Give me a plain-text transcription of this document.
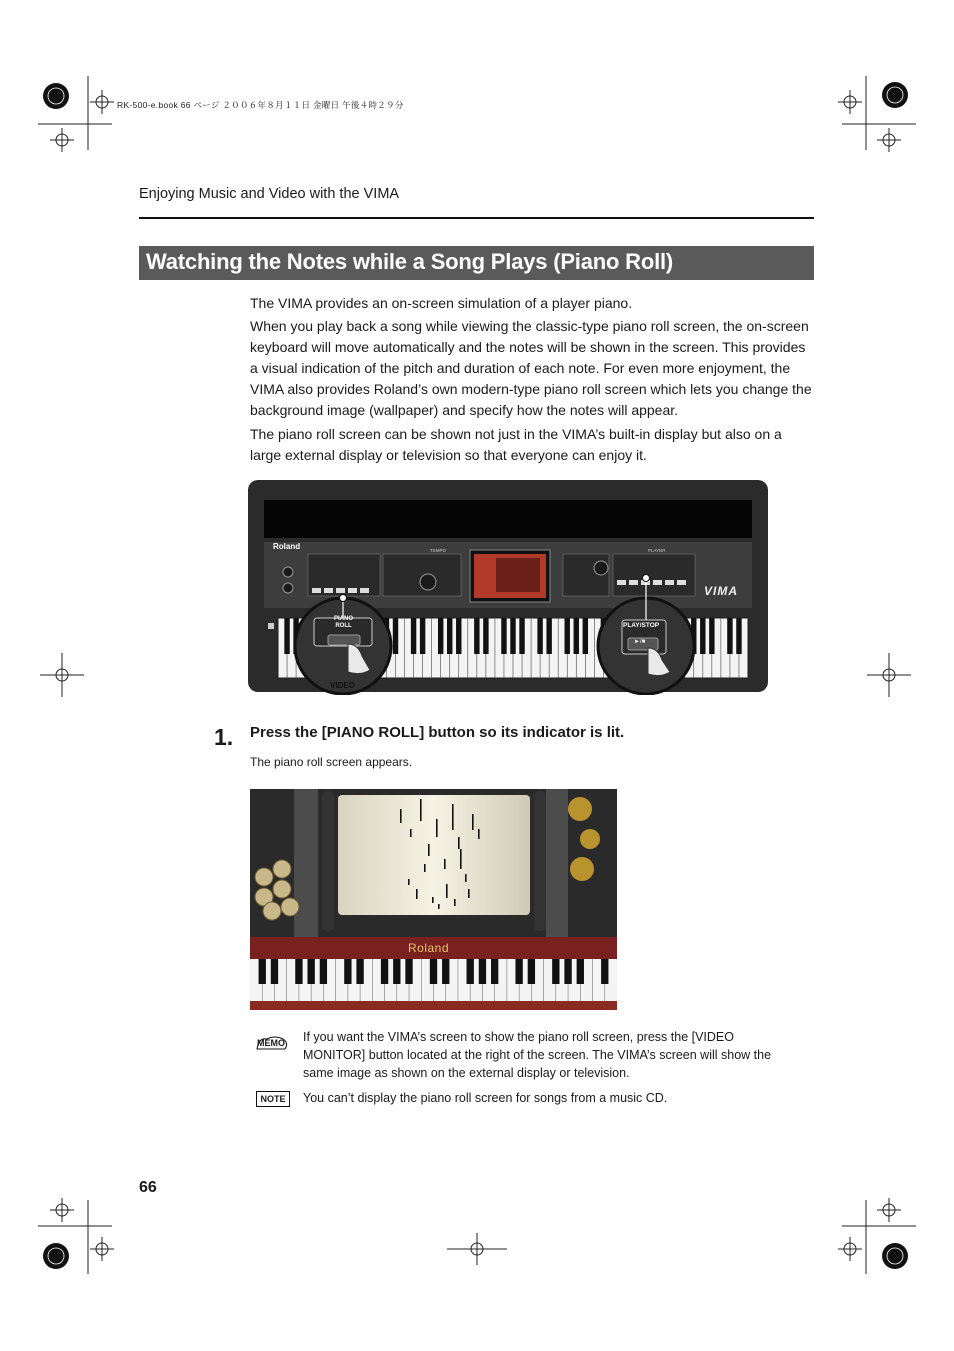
RK-500-e.book 66 ページ ２００６年８月１１日 金曜日 午後４時２９分
Enjoying Music and Video with the VIMA
Watching the Notes while a Song Plays (Piano Roll)
The VIMA provides an on-screen simulation of a player piano.
When you play back a song while viewing the classic-type piano roll screen, the on-screen keyboard will move automatically and the notes will be shown in the screen. This provides a visual indication of the pitch and duration of each note. For even more enjoyment, the VIMA also provides Roland’s own modern-type piano roll screen which lets you change the background image (wallpaper) and specify how the notes will appear.
The piano roll screen can be shown not just in the VIMA’s built-in display but also on a large external display or television so that everyone can enjoy it.
Roland
VIMA
TEMPO	PLAYER
PIANO
ROLL	PLAY/STOP
►/■
VIDEO
1. Press the [PIANO ROLL] button so its indicator is lit.
The piano roll screen appears.
Roland
MEMO If you want the VIMA’s screen to show the piano roll screen, press the [VIDEO MONITOR] button located at the right of the screen. The VIMA’s screen will show the same image as shown on the external display or television.
NOTE	You can’t display the piano roll screen for songs from a music CD.
66
